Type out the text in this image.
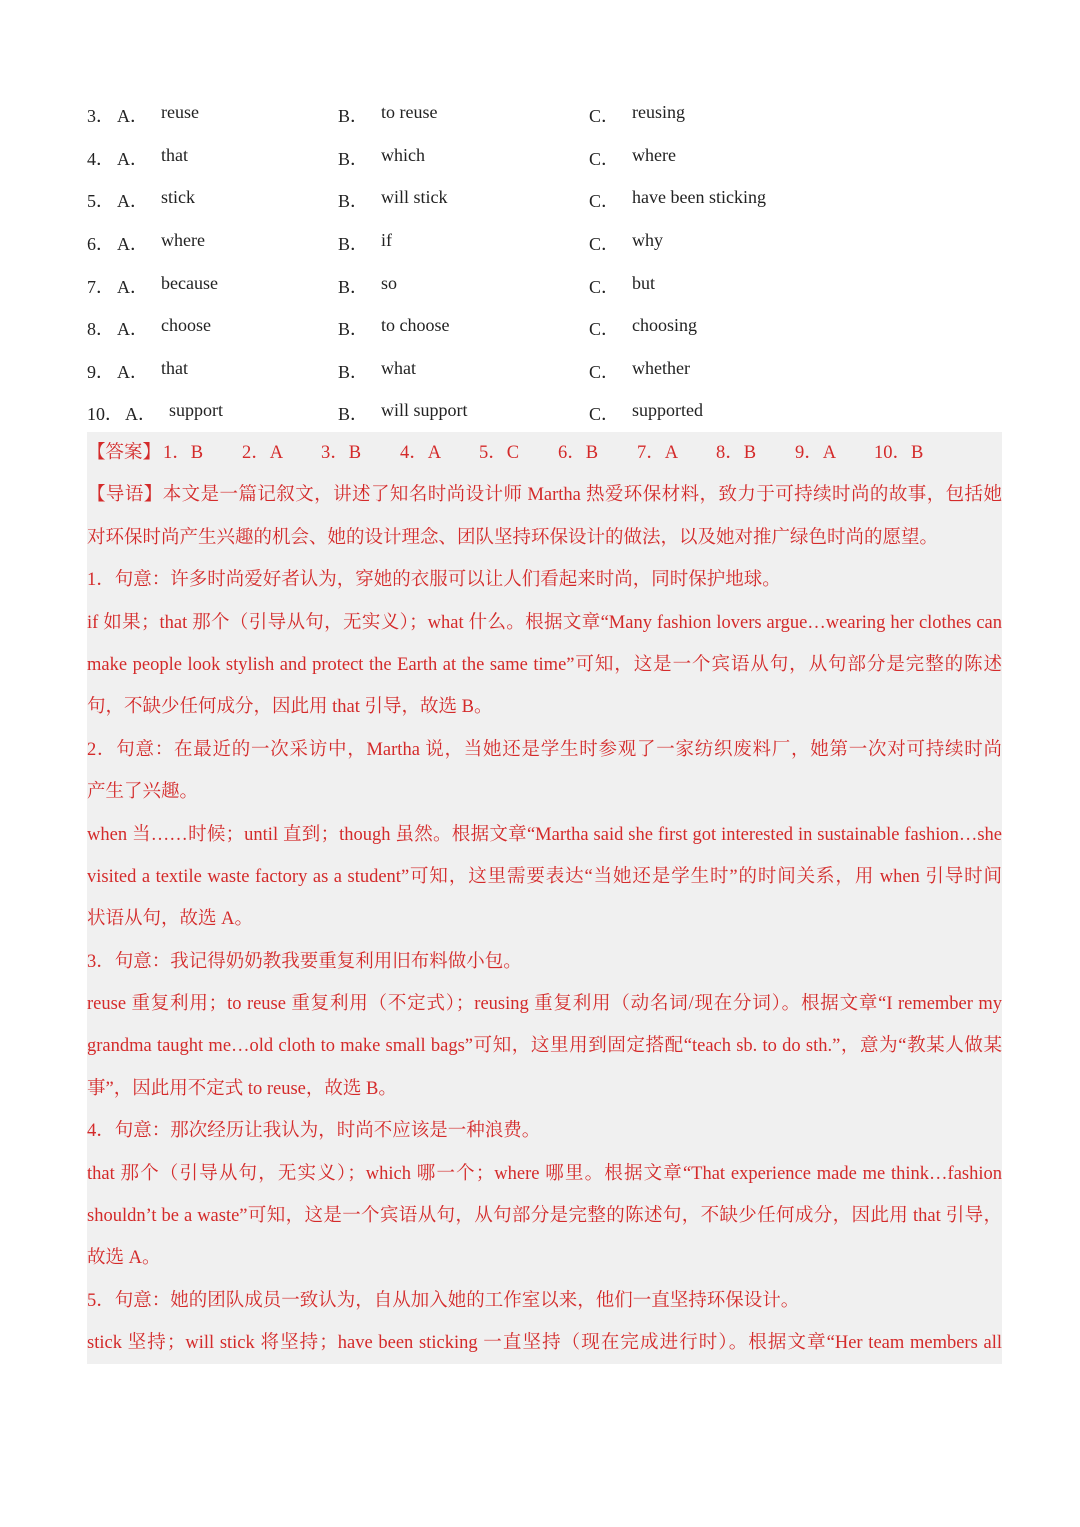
3． A． reuse	B． to reuse	C． reusing
4． A． that	B． which	C． where
5． A． stick	B． will stick	C． have been sticking
6． A． where	B． if	C． why
7． A． because	B． so	C． but
8． A． choose	B． to choose	C． choosing
9． A． that	B． what	C． whether
10． A． support	B． will support	C． supported
【答案】 1．B	2．A	3．B	4．A	5．C	6．B	7．A	8．B	9．A	10．B
【导语】本文是一篇记叙文，讲述了知名时尚设计师 Martha 热爱环保材料，致力于可持续时尚的故事，包括她
对环保时尚产生兴趣的机会、她的设计理念、团队坚持环保设计的做法，以及她对推广绿色时尚的愿望。
1．句意：许多时尚爱好者认为，穿她的衣服可以让人们看起来时尚，同时保护地球。
if 如果；that 那个（引导从句，无实义）；what 什么。根据文章“Many fashion lovers argue…wearing her clothes can
make people look stylish and protect the Earth at the same time”可知，这是一个宾语从句，从句部分是完整的陈述
句，不缺少任何成分，因此用 that 引导，故选 B。
2．句意：在最近的一次采访中，Martha 说，当她还是学生时参观了一家纺织废料厂，她第一次对可持续时尚
产生了兴趣。
when 当……时候；until 直到；though 虽然。根据文章“Martha said she first got interested in sustainable fashion…she
visited a textile waste factory as a student”可知，这里需要表达“当她还是学生时”的时间关系，用 when 引导时间
状语从句，故选 A。
3．句意：我记得奶奶教我要重复利用旧布料做小包。
reuse 重复利用；to reuse 重复利用（不定式）；reusing 重复利用（动名词/现在分词）。根据文章“I remember my
grandma taught me…old cloth to make small bags”可知，这里用到固定搭配“teach sb. to do sth.”，意为“教某人做某
事”，因此用不定式 to reuse，故选 B。
4．句意：那次经历让我认为，时尚不应该是一种浪费。
that 那个（引导从句，无实义）；which 哪一个；where 哪里。根据文章“That experience made me think…fashion
shouldn’t be a waste”可知，这是一个宾语从句，从句部分是完整的陈述句，不缺少任何成分，因此用 that 引导，
故选 A。
5．句意：她的团队成员一致认为，自从加入她的工作室以来，他们一直坚持环保设计。
stick 坚持；will stick 将坚持；have been sticking 一直坚持（现在完成进行时）。根据文章“Her team members all
